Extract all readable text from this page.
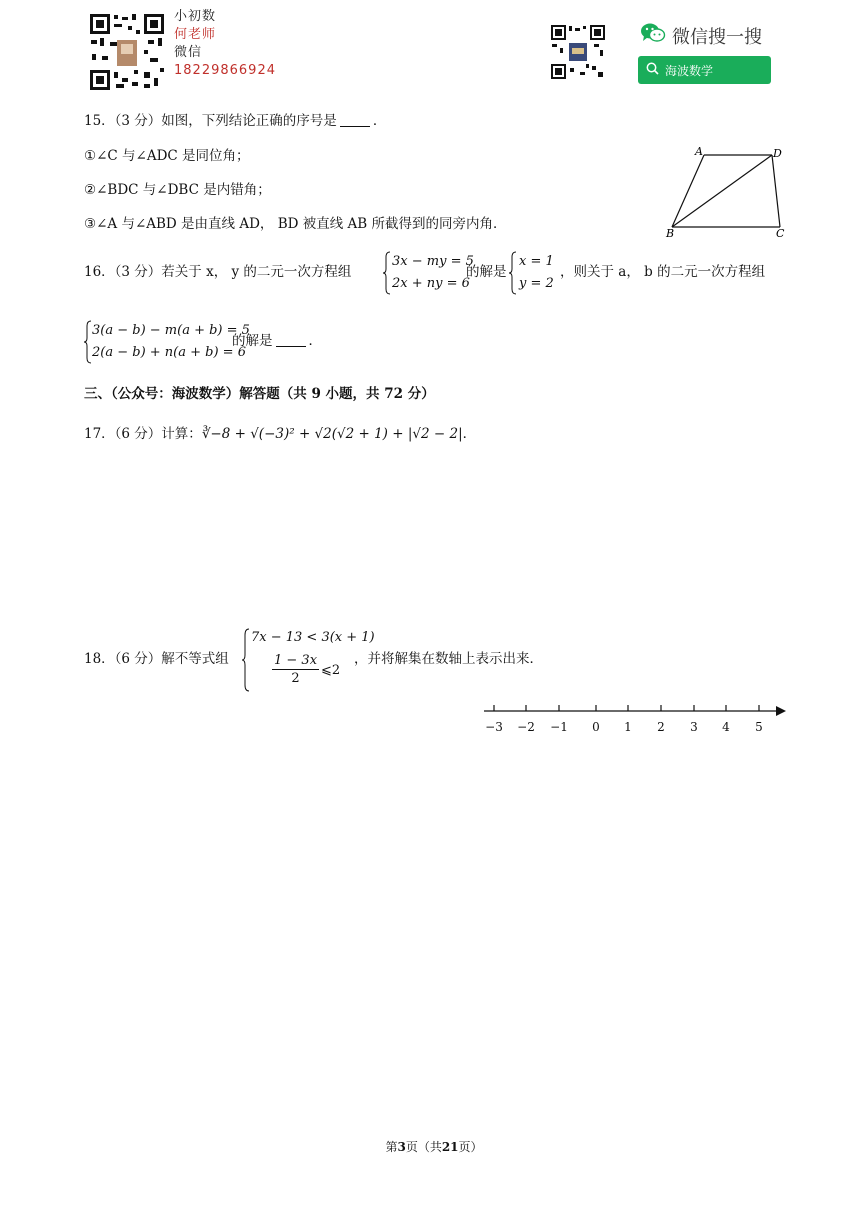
小初数
何老师
微信
18229866924
微信搜一搜
海波数学
15．（3 分）如图，下列结论正确的序号是	．
①∠C 与∠ADC 是同位角；
②∠BDC 与∠DBC 是内错角；
③∠A 与∠ABD 是由直线 AD， BD 被直线 AB 所截得到的同旁内角．
A	D
B	C
16．（3 分）若关于 x， y 的二元一次方程组
3x − my = 5
2x + ny = 6
的解是
x = 1
y = 2
，则关于 a， b 的二元一次方程组
3(a − b) − m(a + b) = 5
2(a − b) + n(a + b) = 6
的解是	．
三、（公众号：海波数学）解答题（共 9 小题，共 72 分）
17．（6 分）计算：∛−8 + √(−3)² + √2(√2 + 1) + |√2 − 2|．
18．（6 分）解不等式组
7x − 13 < 3(x + 1)
$\frac{1 - 3x}{2}$ ⩽2
，并将解集在数轴上表示出来．
−3 −2 −1 0 1 2 3 4 5
第3页（共21页）
